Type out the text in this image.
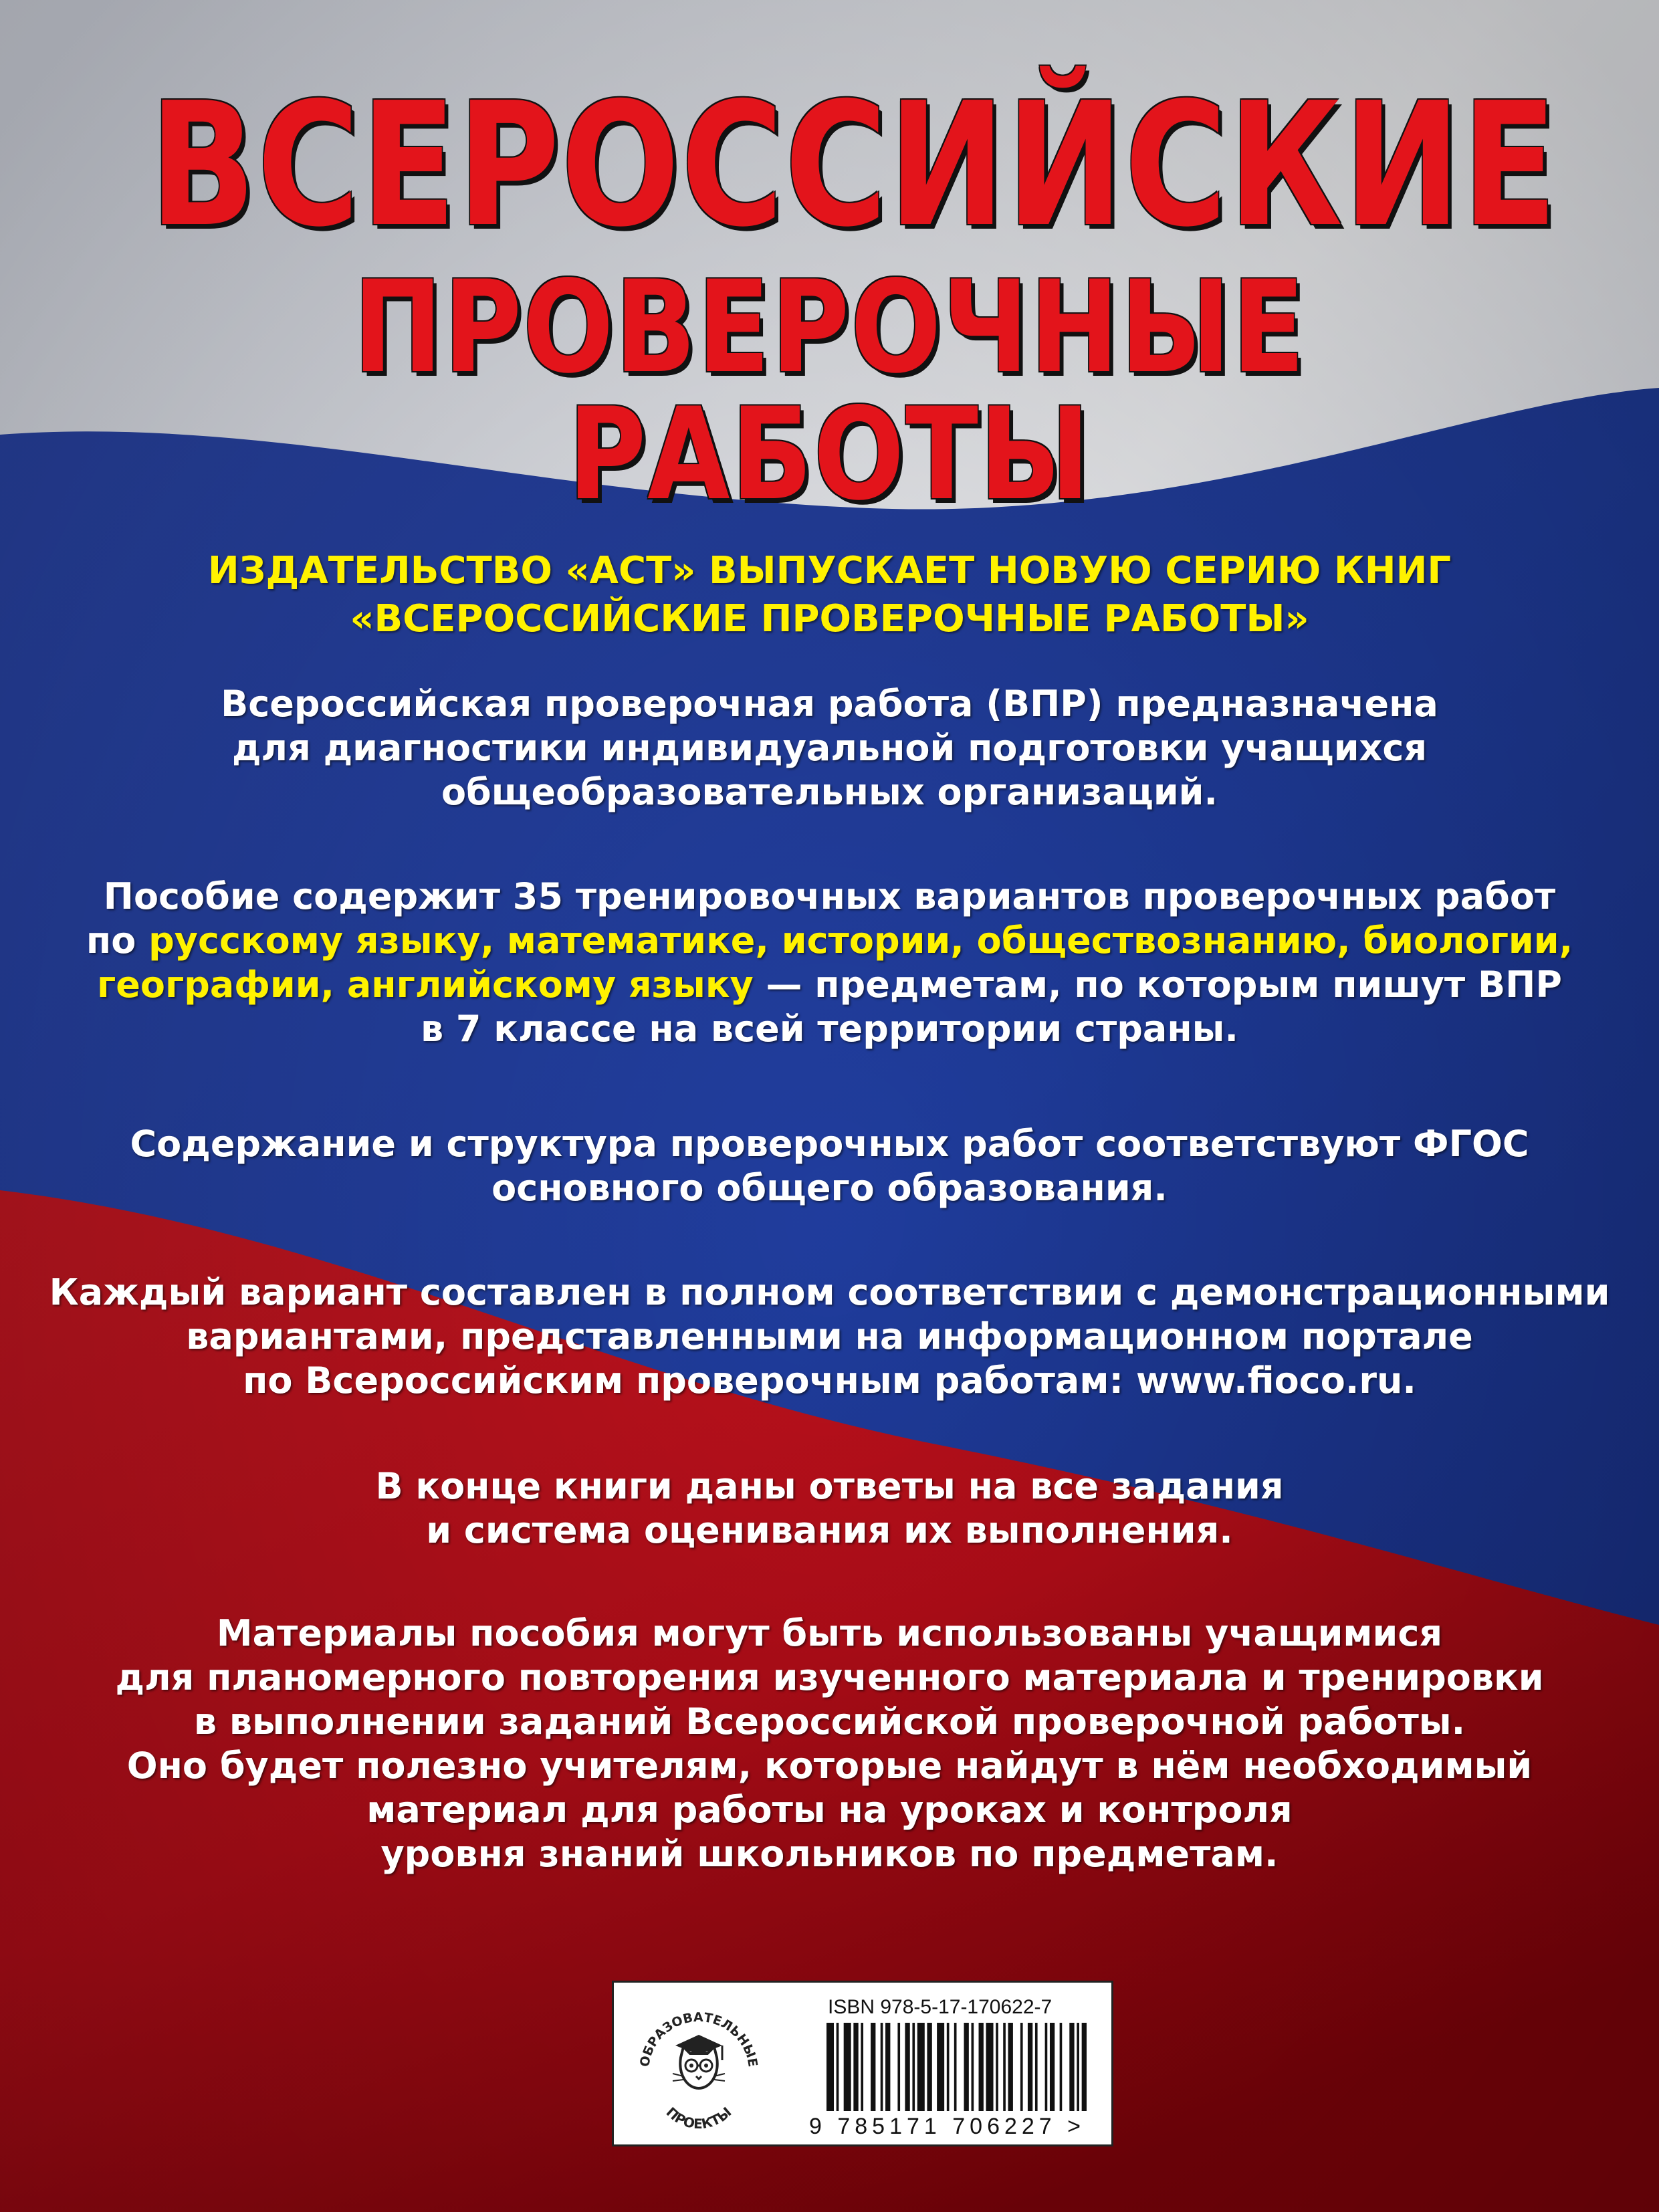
ВСЕРОССИЙСКИЕ
ПРОВЕРОЧНЫЕ РАБОТЫ
ИЗДАТЕЛЬСТВО «АСТ» ВЫПУСКАЕТ НОВУЮ СЕРИЮ КНИГ
«ВСЕРОССИЙСКИЕ ПРОВЕРОЧНЫЕ РАБОТЫ»
Всероссийская проверочная работа (ВПР) предназначена
для диагностики индивидуальной подготовки учащихся
общеобразовательных организаций.
Пособие содержит 35 тренировочных вариантов проверочных работ
по русскому языку, математике, истории, обществознанию, биологии,
географии, английскому языку — предметам, по которым пишут ВПР
в 7 классе на всей территории страны.
Содержание и структура проверочных работ соответствуют ФГОС
основного общего образования.
Каждый вариант составлен в полном соответствии с демонстрационными
вариантами, представленными на информационном портале
по Всероссийским проверочным работам: www.fioco.ru.
В конце книги даны ответы на все задания
и система оценивания их выполнения.
Материалы пособия могут быть использованы учащимися
для планомерного повторения изученного материала и тренировки
в выполнении заданий Всероссийской проверочной работы.
Оно будет полезно учителям, которые найдут в нём необходимый
материал для работы на уроках и контроля
уровня знаний школьников по предметам.
ОБРАЗОВАТЕЛЬНЫЕ
ПРОЕКТЫ
ISBN 978-5-17-170622-7
9 785171 706227 >
